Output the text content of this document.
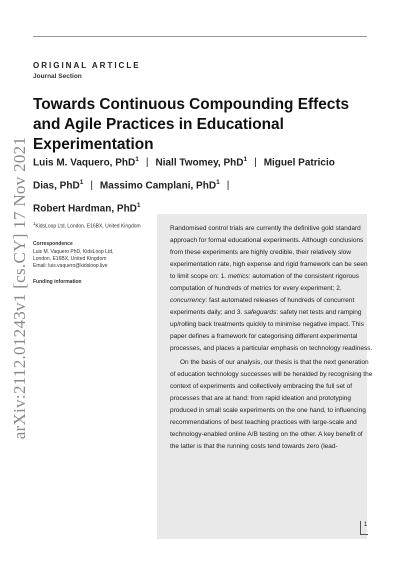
arXiv:2112.01243v1 [cs.CY] 17 Nov 2021
ORIGINAL ARTICLE
Journal Section
Towards Continuous Compounding Effects and Agile Practices in Educational Experimentation
Luis M. Vaquero, PhD$^1$ | Niall Twomey, PhD$^1$ | Miguel Patricio Dias, PhD$^1$ | Massimo Camplani, PhD$^1$ |
Robert Hardman, PhD$^1$
$^1$KidsLoop Ltd, London, E16BX, United Kingdom
Correspondence
Luis M. Vaquero PhD, KidsLoop Ltd,
London, E16BX, United Kingdom
Email: luis.vaquero@kidsloop.live
Funding information

Randomised control trials are currently the definitive gold standard approach for formal educational experiments. Although conclusions from these experiments are highly credible, their relatively slow experimentation rate, high expense and rigid framework can be seen to limit scope on: 1. metrics: automation of the consistent rigorous computation of hundreds of metrics for every experiment; 2. concurrency: fast automated releases of hundreds of concurrent experiments daily; and 3. safeguards: safety net tests and ramping up/rolling back treatments quickly to minimise negative impact. This paper defines a framework for categorising different experimental processes, and places a particular emphasis on technology readiness.

On the basis of our analysis, our thesis is that the next generation of education technology successes will be heralded by recognising the context of experiments and collectively embracing the full set of processes that are at hand: from rapid ideation and prototyping produced in small scale experiments on the one hand, to influencing recommendations of best teaching practices with large-scale and technology-enabled online A/B testing on the other. A key benefit of the latter is that the running costs tend towards zero (lead-

1
